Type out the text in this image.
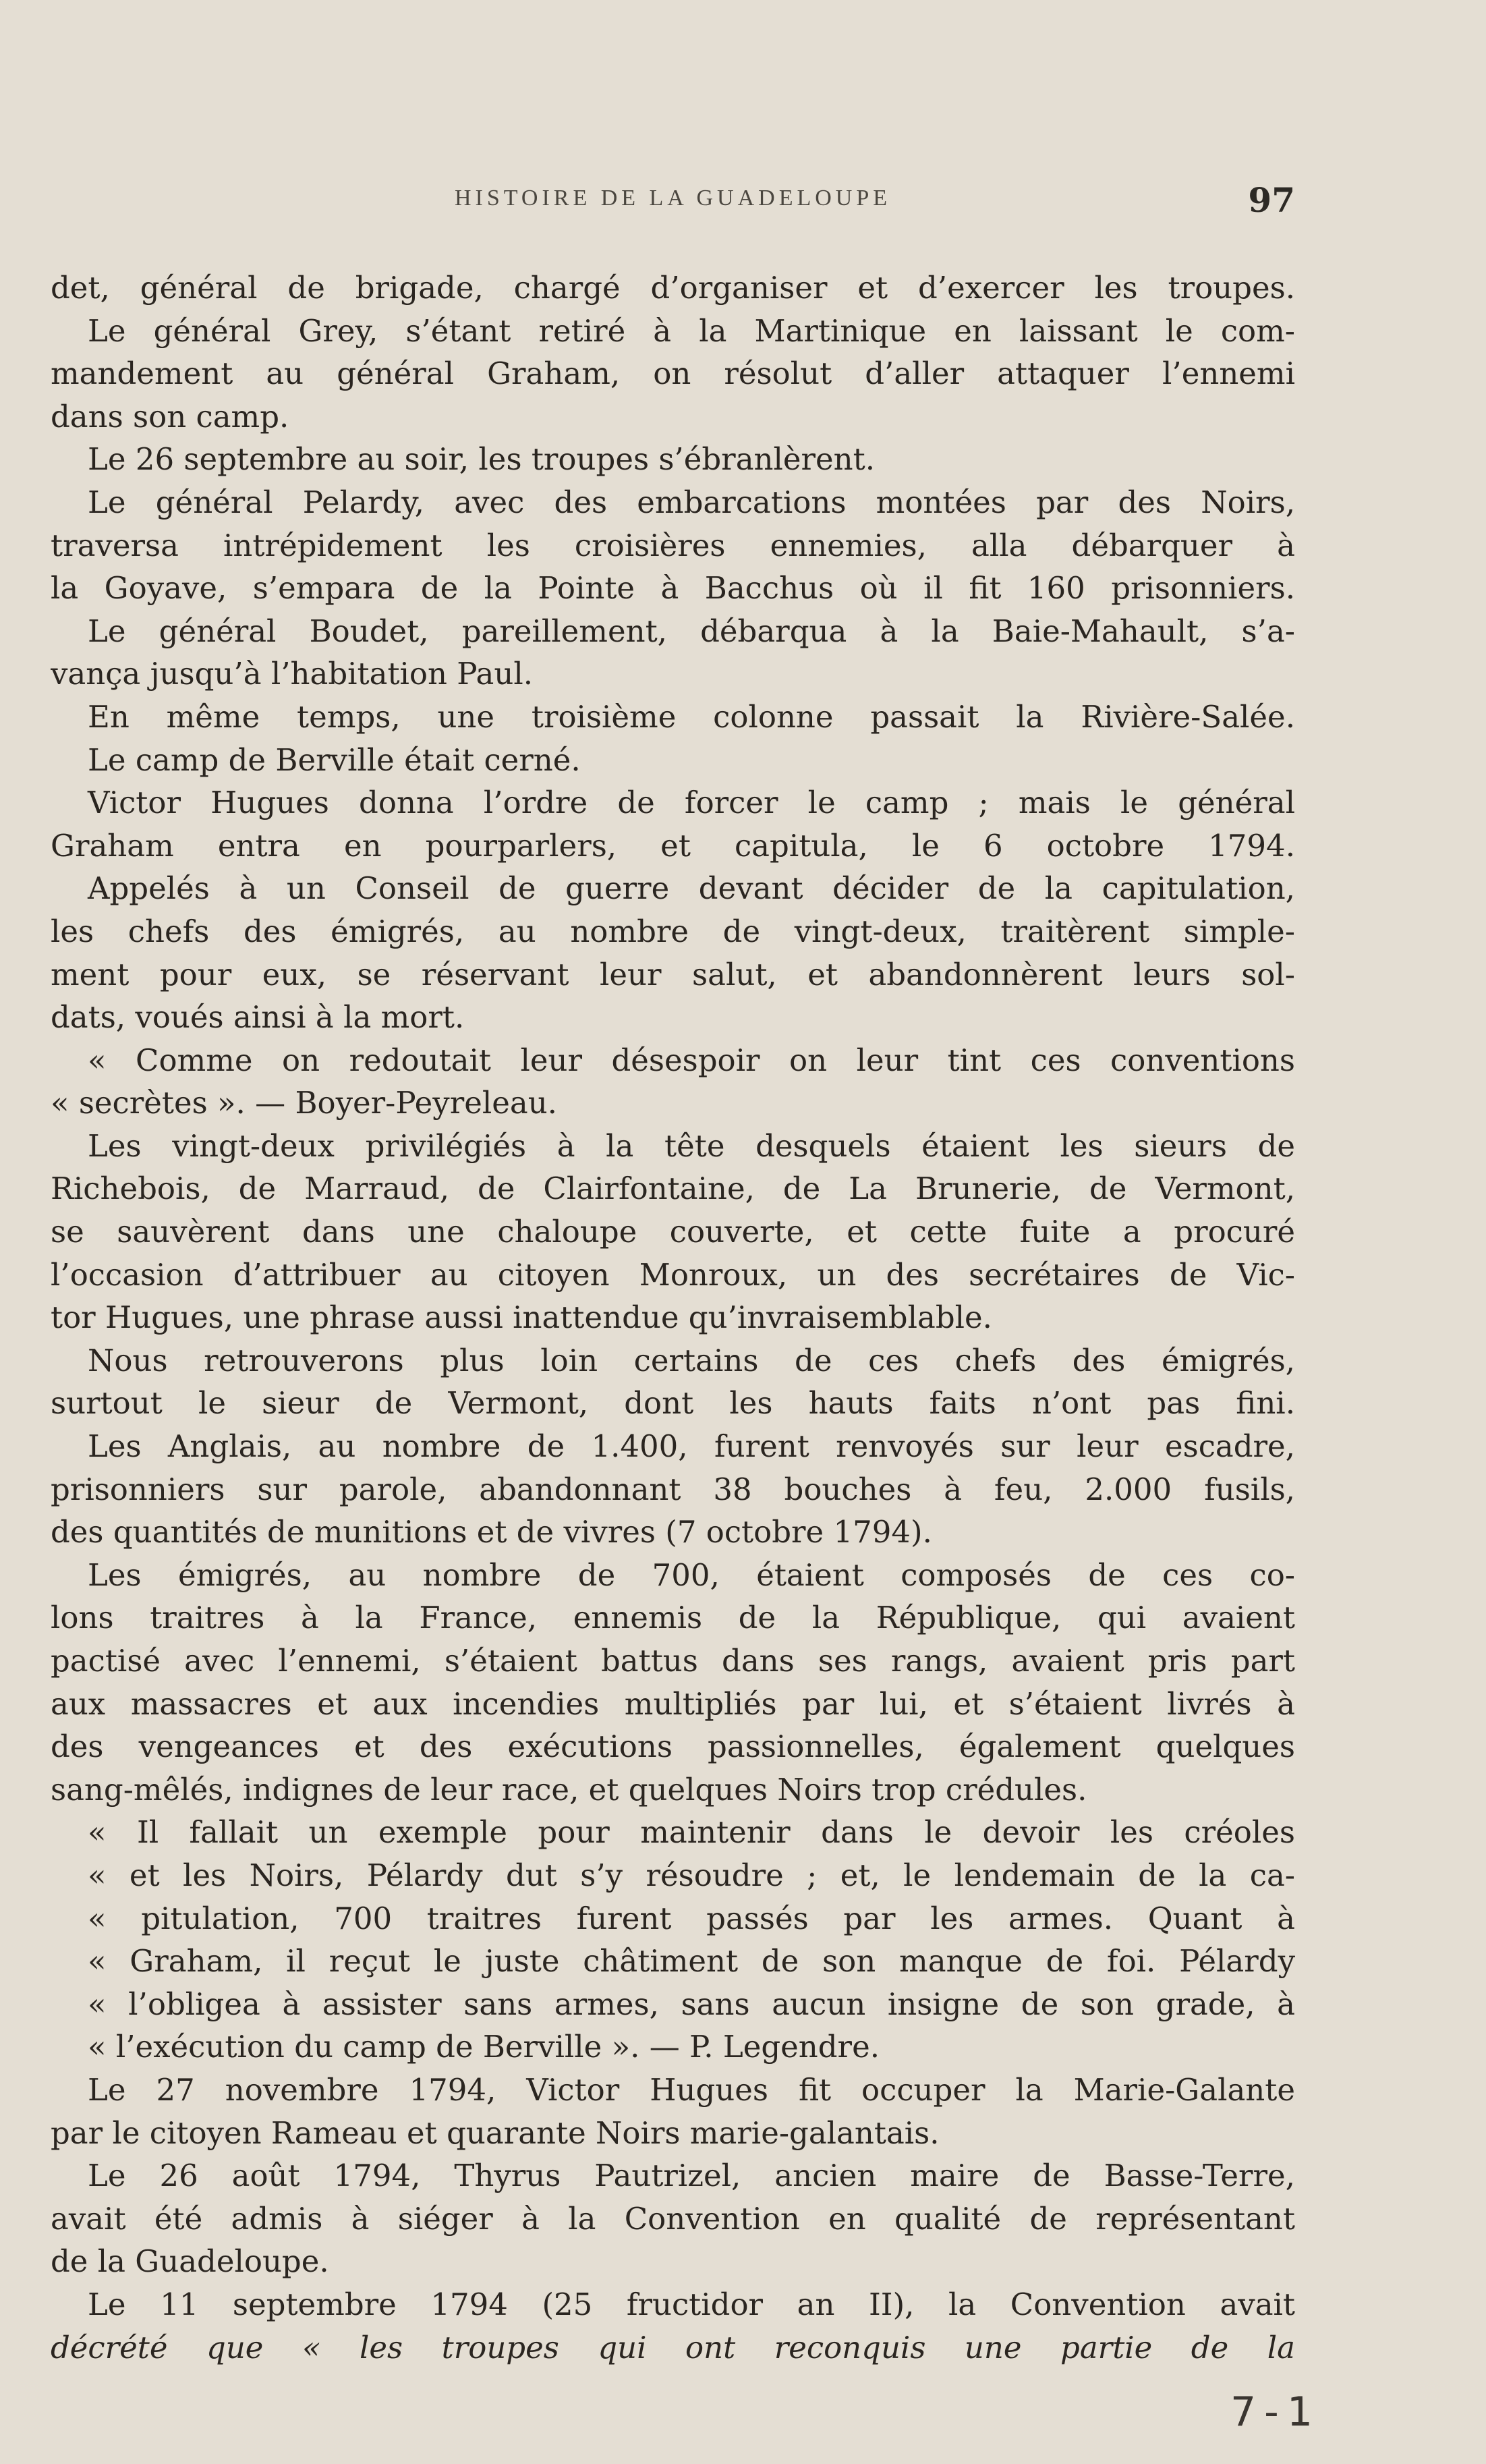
HISTOIRE DE LA GUADELOUPE	97
det, général de brigade, chargé d’organiser et d’exercer les troupes.
Le général Grey, s’étant retiré à la Martinique en laissant le com-
mandement au général Graham, on résolut d’aller attaquer l’ennemi
dans son camp.
Le 26 septembre au soir, les troupes s’ébranlèrent.
Le général Pelardy, avec des embarcations montées par des Noirs,
traversa intrépidement les croisières ennemies, alla débarquer à
la Goyave, s’empara de la Pointe à Bacchus où il fit 160 prisonniers.
Le général Boudet, pareillement, débarqua à la Baie-Mahault, s’a-
vança jusqu’à l’habitation Paul.
En même temps, une troisième colonne passait la Rivière-Salée.
Le camp de Berville était cerné.
Victor Hugues donna l’ordre de forcer le camp ; mais le général
Graham entra en pourparlers, et capitula, le 6 octobre 1794.
Appelés à un Conseil de guerre devant décider de la capitulation,
les chefs des émigrés, au nombre de vingt-deux, traitèrent simple-
ment pour eux, se réservant leur salut, et abandonnèrent leurs sol-
dats, voués ainsi à la mort.
« Comme on redoutait leur désespoir on leur tint ces conventions
« secrètes ». — Boyer-Peyreleau.
Les vingt-deux privilégiés à la tête desquels étaient les sieurs de
Richebois, de Marraud, de Clairfontaine, de La Brunerie, de Vermont,
se sauvèrent dans une chaloupe couverte, et cette fuite a procuré
l’occasion d’attribuer au citoyen Monroux, un des secrétaires de Vic-
tor Hugues, une phrase aussi inattendue qu’invraisemblable.
Nous retrouverons plus loin certains de ces chefs des émigrés,
surtout le sieur de Vermont, dont les hauts faits n’ont pas fini.
Les Anglais, au nombre de 1.400, furent renvoyés sur leur escadre,
prisonniers sur parole, abandonnant 38 bouches à feu, 2.000 fusils,
des quantités de munitions et de vivres (7 octobre 1794).
Les émigrés, au nombre de 700, étaient composés de ces co-
lons traitres à la France, ennemis de la République, qui avaient
pactisé avec l’ennemi, s’étaient battus dans ses rangs, avaient pris part
aux massacres et aux incendies multipliés par lui, et s’étaient livrés à
des vengeances et des exécutions passionnelles, également quelques
sang-mêlés, indignes de leur race, et quelques Noirs trop crédules.
« Il fallait un exemple pour maintenir dans le devoir les créoles
« et les Noirs, Pélardy dut s’y résoudre ; et, le lendemain de la ca-
« pitulation, 700 traitres furent passés par les armes. Quant à
« Graham, il reçut le juste châtiment de son manque de foi. Pélardy
« l’obligea à assister sans armes, sans aucun insigne de son grade, à
« l’exécution du camp de Berville ». — P. Legendre.
Le 27 novembre 1794, Victor Hugues fit occuper la Marie-Galante
par le citoyen Rameau et quarante Noirs marie-galantais.
Le 26 août 1794, Thyrus Pautrizel, ancien maire de Basse-Terre,
avait été admis à siéger à la Convention en qualité de représentant
de la Guadeloupe.
Le 11 septembre 1794 (25 fructidor an II), la Convention avait
décrété que « les troupes qui ont reconquis une partie de la
7-1
